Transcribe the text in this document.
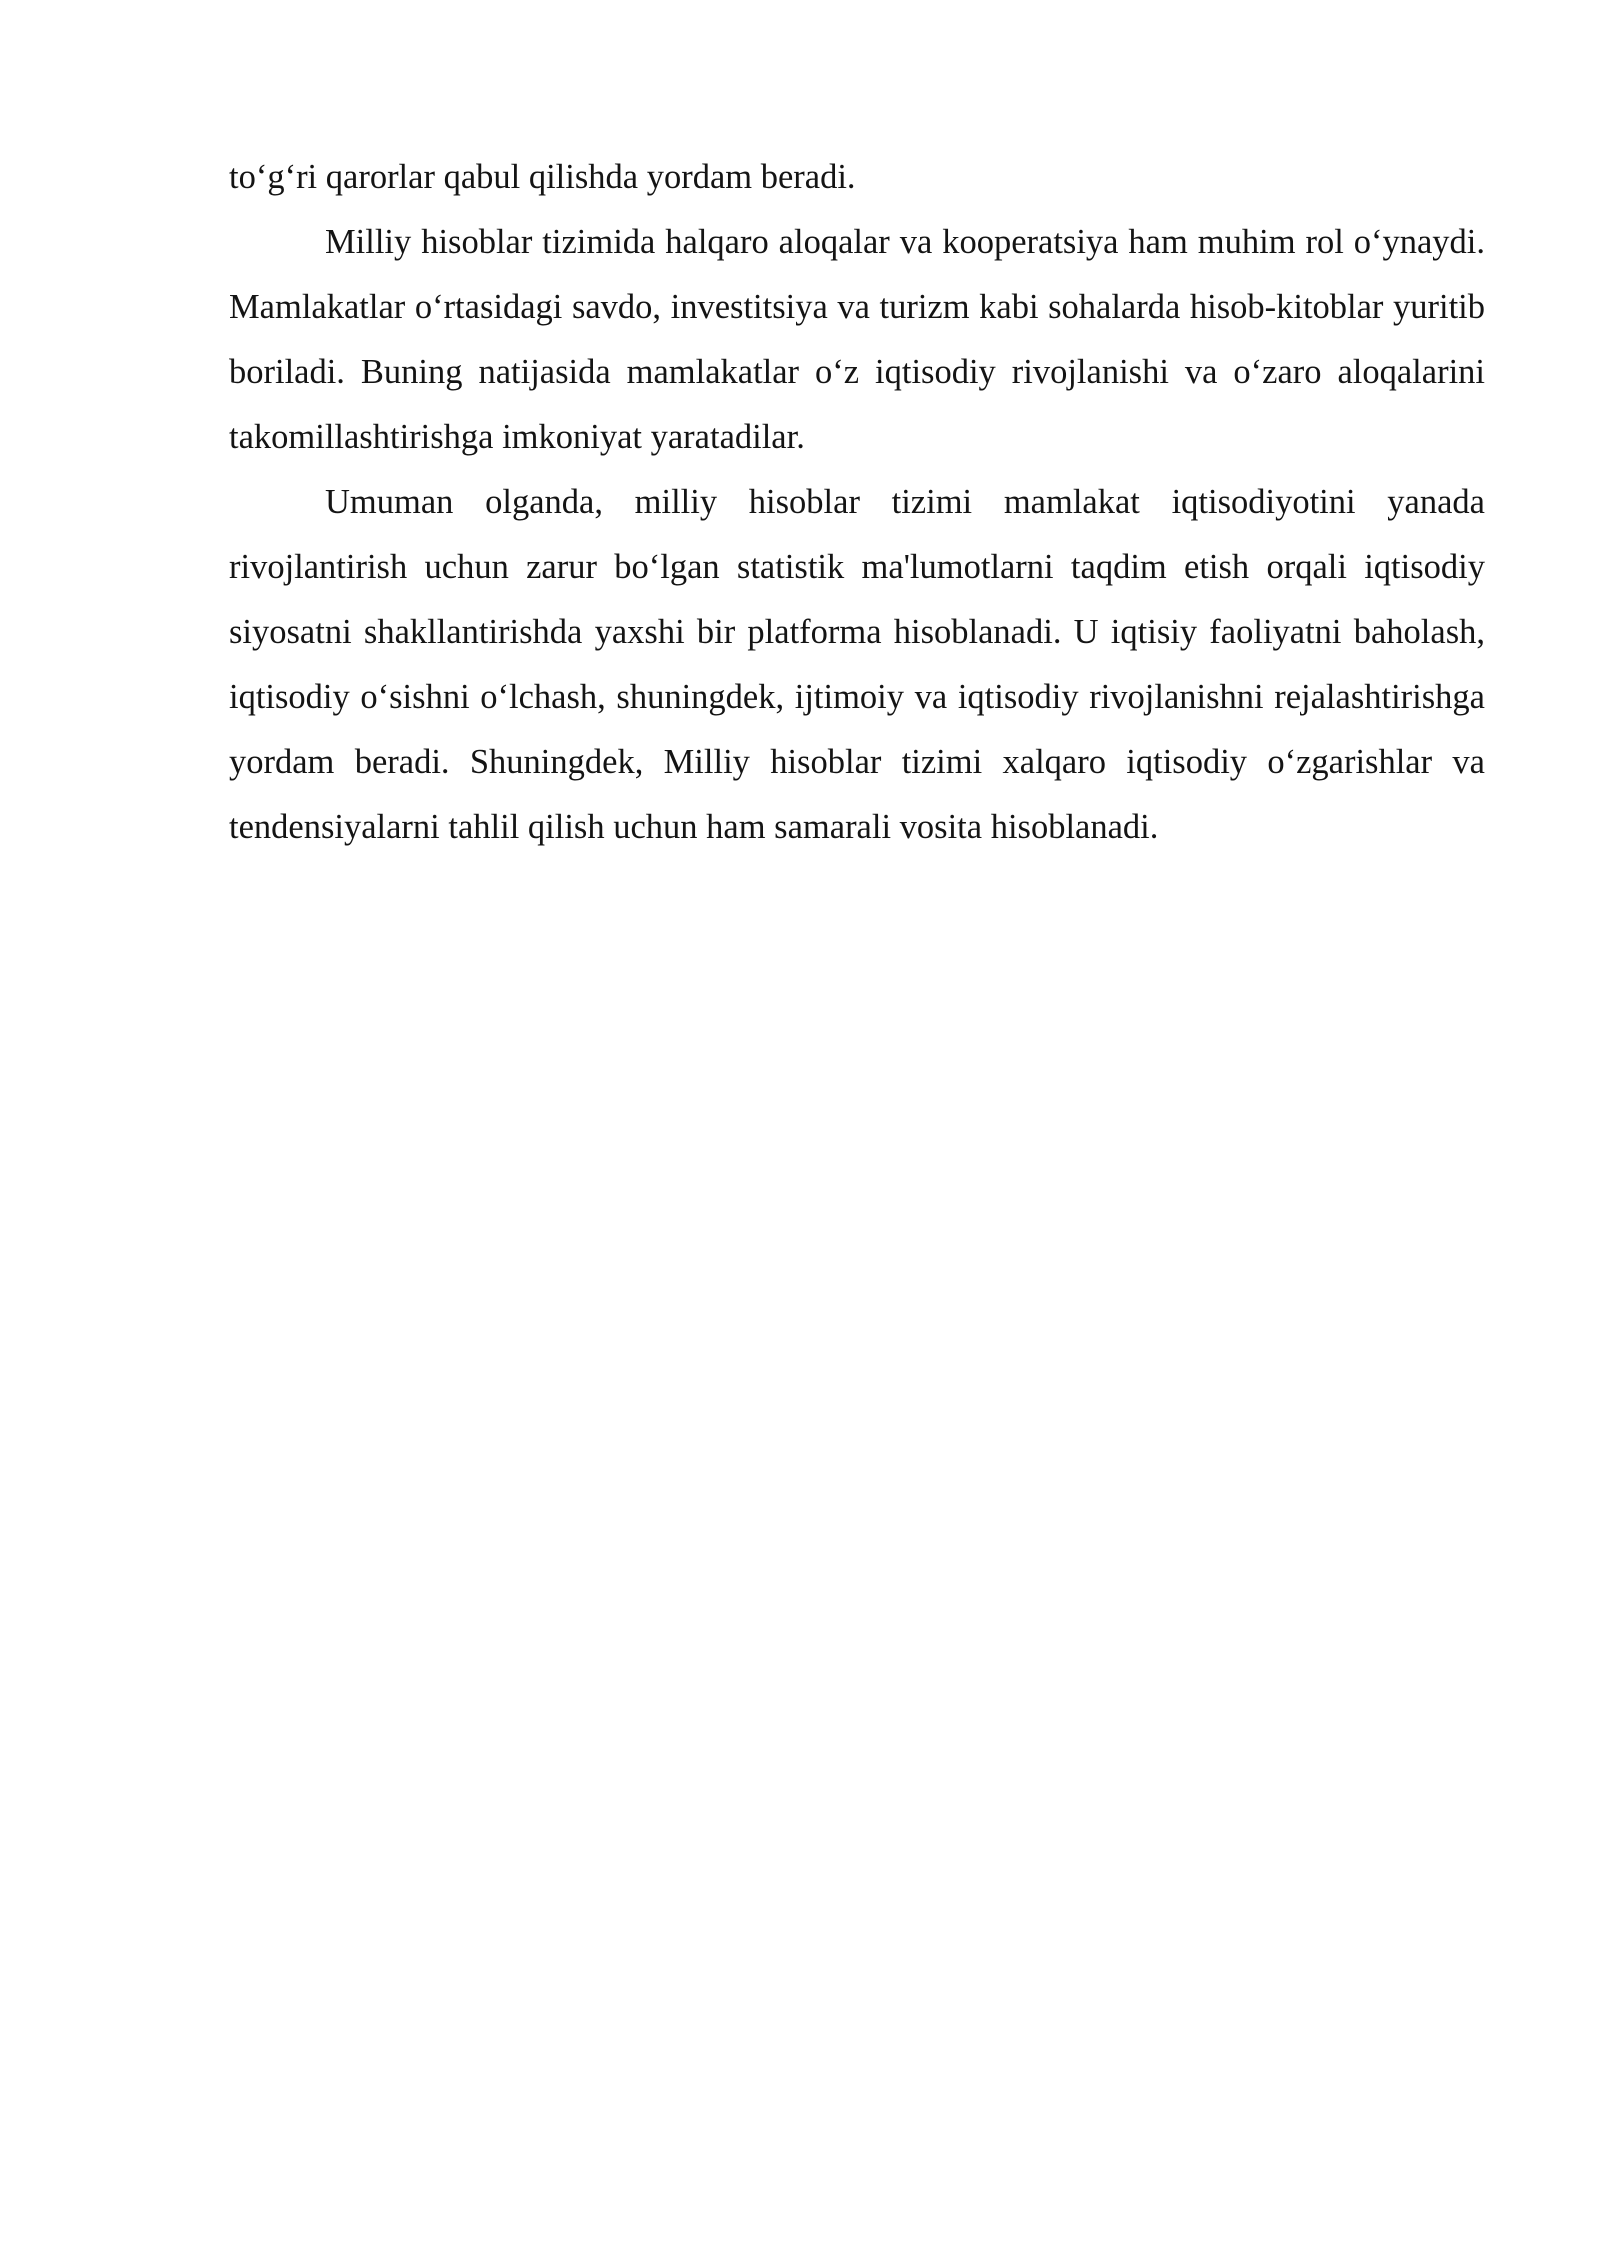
to‘g‘ri qarorlar qabul qilishda yordam beradi.

Milliy hisoblar tizimida halqaro aloqalar va kooperatsiya ham muhim rol o‘ynaydi. Mamlakatlar o‘rtasidagi savdo, investitsiya va turizm kabi sohalarda hisob-kitoblar yuritib boriladi. Buning natijasida mamlakatlar o‘z iqtisodiy rivojlanishi va o‘zaro aloqalarini takomillashtirishga imkoniyat yaratadilar.

Umuman olganda, milliy hisoblar tizimi mamlakat iqtisodiyotini yanada rivojlantirish uchun zarur bo‘lgan statistik ma'lumotlarni taqdim etish orqali iqtisodiy siyosatni shakllantirishda yaxshi bir platforma hisoblanadi. U iqtisiy faoliyatni baholash, iqtisodiy o‘sishni o‘lchash, shuningdek, ijtimoiy va iqtisodiy rivojlanishni rejalashtirishga yordam beradi. Shuningdek, Milliy hisoblar tizimi xalqaro iqtisodiy o‘zgarishlar va tendensiyalarni tahlil qilish uchun ham samarali vosita hisoblanadi.
